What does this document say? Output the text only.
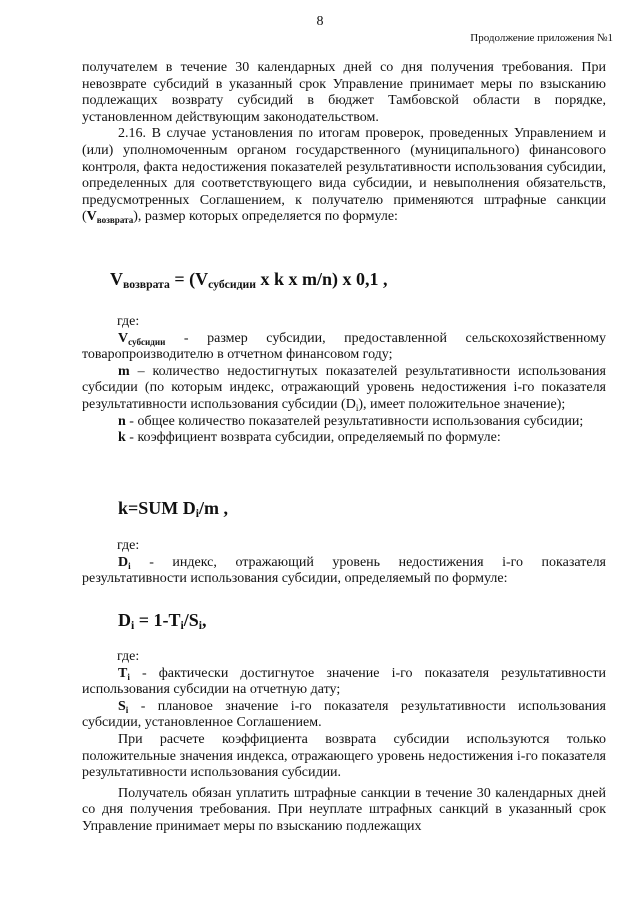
8
Продолжение приложения №1

получателем в течение 30 календарных дней со дня получения требования. При невозврате субсидий в указанный срок Управление принимает меры по взысканию подлежащих возврату субсидий в бюджет Тамбовской области в порядке, установленном действующим законодательством.

2.16. В случае установления по итогам проверок, проведенных Управлением и (или) уполномоченным органом государственного (муниципального) финансового контроля, факта недостижения показателей результативности использования субсидии, определенных для соответствующего вида субсидии, и невыполнения обязательств, предусмотренных Соглашением, к получателю применяются штрафные санкции $(V_{возврата})$, размер которых определяется по формуле:

$V_{возврата} = (V_{субсидии}$ x k x m/n) x 0,1 ,

где:

$V_{субсидии}$ - размер субсидии, предоставленной сельскохозяйственному товаропроизводителю в отчетном финансовом году;

m – количество недостигнутых показателей результативности использования субсидии (по которым индекс, отражающий уровень недостижения i-го показателя результативности использования субсидии $(D_i)$, имеет положительное значение);

n - общее количество показателей результативности использования субсидии;

k - коэффициент возврата субсидии, определяемый по формуле:

k=SUM $D_i/m$ ,

где:

$D_i$ - индекс, отражающий уровень недостижения i-го показателя результативности использования субсидии, определяемый по формуле:

$D_i = 1-T_i/S_i$,

где:

$T_i$ - фактически достигнутое значение i-го показателя результативности использования субсидии на отчетную дату;

$S_i$ - плановое значение i-го показателя результативности использования субсидии, установленное Соглашением.

При расчете коэффициента возврата субсидии используются только положительные значения индекса, отражающего уровень недостижения i-го показателя результативности использования субсидии.

Получатель обязан уплатить штрафные санкции в течение 30 календарных дней со дня получения требования. При неуплате штрафных санкций в указанный срок Управление принимает меры по взысканию подлежащих
